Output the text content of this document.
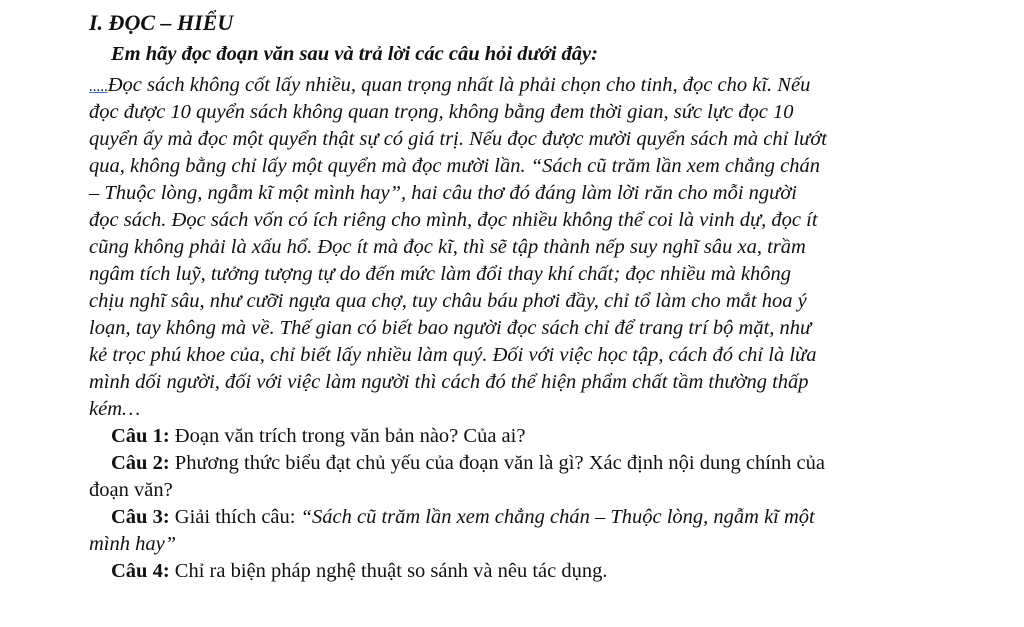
I. ĐỌC – HIỂU
Em hãy đọc đoạn văn sau và trả lời các câu hỏi dưới đây:
.....Đọc sách không cốt lấy nhiều, quan trọng nhất là phải chọn cho tinh, đọc cho kĩ. Nếu
đọc được 10 quyển sách không quan trọng, không bằng đem thời gian, sức lực đọc 10
quyển ấy mà đọc một quyển thật sự có giá trị. Nếu đọc được mười quyển sách mà chỉ lướt
qua, không bằng chỉ lấy một quyển mà đọc mười lần. “Sách cũ trăm lần xem chẳng chán
– Thuộc lòng, ngẫm kĩ một mình hay”, hai câu thơ đó đáng làm lời răn cho mỗi người
đọc sách. Đọc sách vốn có ích riêng cho mình, đọc nhiều không thể coi là vinh dự, đọc ít
cũng không phải là xấu hổ. Đọc ít mà đọc kĩ, thì sẽ tập thành nếp suy nghĩ sâu xa, trầm
ngâm tích luỹ, tưởng tượng tự do đến mức làm đổi thay khí chất; đọc nhiều mà không
chịu nghĩ sâu, như cưỡi ngựa qua chợ, tuy châu báu phơi đầy, chỉ tổ làm cho mắt hoa ý
loạn, tay không mà về. Thế gian có biết bao người đọc sách chỉ để trang trí bộ mặt, như
kẻ trọc phú khoe của, chỉ biết lấy nhiều làm quý. Đối với việc học tập, cách đó chỉ là lừa
mình dối người, đối với việc làm người thì cách đó thể hiện phẩm chất tầm thường thấp
kém…
Câu 1: Đoạn văn trích trong văn bản nào? Của ai?
Câu 2: Phương thức biểu đạt chủ yếu của đoạn văn là gì? Xác định nội dung chính của
đoạn văn?
Câu 3: Giải thích câu: “Sách cũ trăm lần xem chẳng chán – Thuộc lòng, ngẫm kĩ một
mình hay”
Câu 4: Chỉ ra biện pháp nghệ thuật so sánh và nêu tác dụng.
